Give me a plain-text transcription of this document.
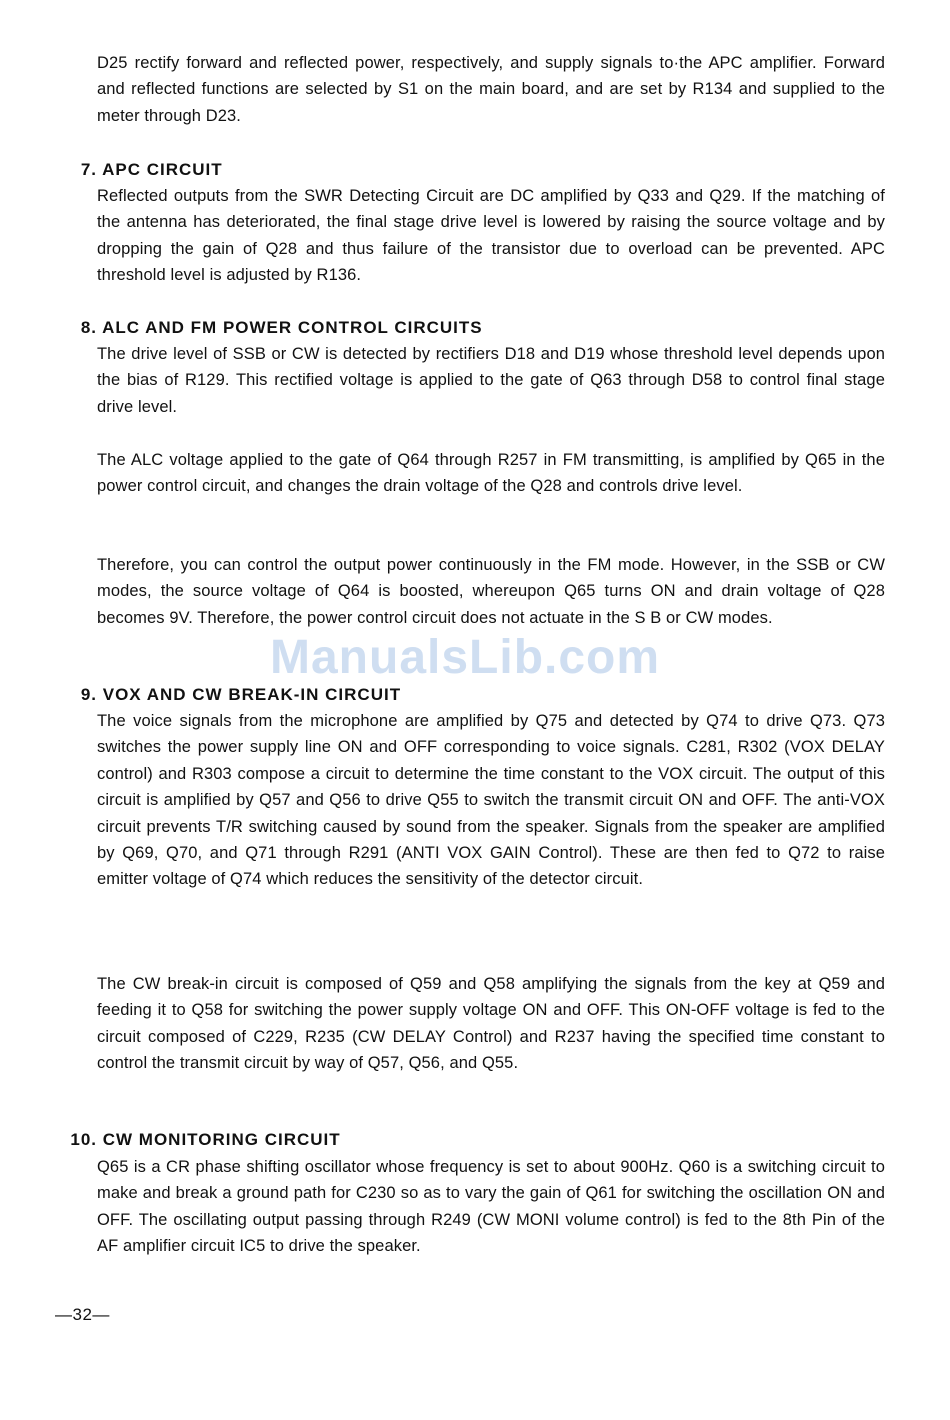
D25 rectify forward and reflected power, respectively, and supply signals to·the APC amplifier. Forward and reflected functions are selected by S1 on the main board, and are set by R134 and supplied to the meter through D23.

7. APC CIRCUIT

Reflected outputs from the SWR Detecting Circuit are DC amplified by Q33 and Q29. If the matching of the antenna has deteriorated, the final stage drive level is lowered by raising the source voltage and by dropping the gain of Q28 and thus failure of the transistor due to overload can be prevented. APC threshold level is adjusted by R136.

8. ALC AND FM POWER CONTROL CIRCUITS

The drive level of SSB or CW is detected by rectifiers D18 and D19 whose threshold level depends upon the bias of R129. This rectified voltage is applied to the gate of Q63 through D58 to control final stage drive level.

The ALC voltage applied to the gate of Q64 through R257 in FM transmitting, is amplified by Q65 in the power control circuit, and changes the drain voltage of the Q28 and controls drive level.

Therefore, you can control the output power continuously in the FM mode. However, in the SSB or CW modes, the source voltage of Q64 is boosted, whereupon Q65 turns ON and drain voltage of Q28 becomes 9V. Therefore, the power control circuit does not actuate in the S B or CW modes.

9. VOX AND CW BREAK-IN CIRCUIT

The voice signals from the microphone are amplified by Q75 and detected by Q74 to drive Q73. Q73 switches the power supply line ON and OFF corresponding to voice signals. C281, R302 (VOX DELAY control) and R303 compose a circuit to determine the time constant to the VOX circuit. The output of this circuit is amplified by Q57 and Q56 to drive Q55 to switch the transmit circuit ON and OFF. The anti-VOX circuit prevents T/R switching caused by sound from the speaker. Signals from the speaker are amplified by Q69, Q70, and Q71 through R291 (ANTI VOX GAIN Control). These are then fed to Q72 to raise emitter voltage of Q74 which reduces the sensitivity of the detector circuit.

The CW break-in circuit is composed of Q59 and Q58 amplifying the signals from the key at Q59 and feeding it to Q58 for switching the power supply voltage ON and OFF. This ON-OFF voltage is fed to the circuit composed of C229, R235 (CW DELAY Control) and R237 having the specified time constant to control the transmit circuit by way of Q57, Q56, and Q55.

10. CW MONITORING CIRCUIT

Q65 is a CR phase shifting oscillator whose frequency is set to about 900Hz. Q60 is a switching circuit to make and break a ground path for C230 so as to vary the gain of Q61 for switching the oscillation ON and OFF. The oscillating output passing through R249 (CW MONI volume control) is fed to the 8th Pin of the AF amplifier circuit IC5 to drive the speaker.

—32—

ManualsLib.com
